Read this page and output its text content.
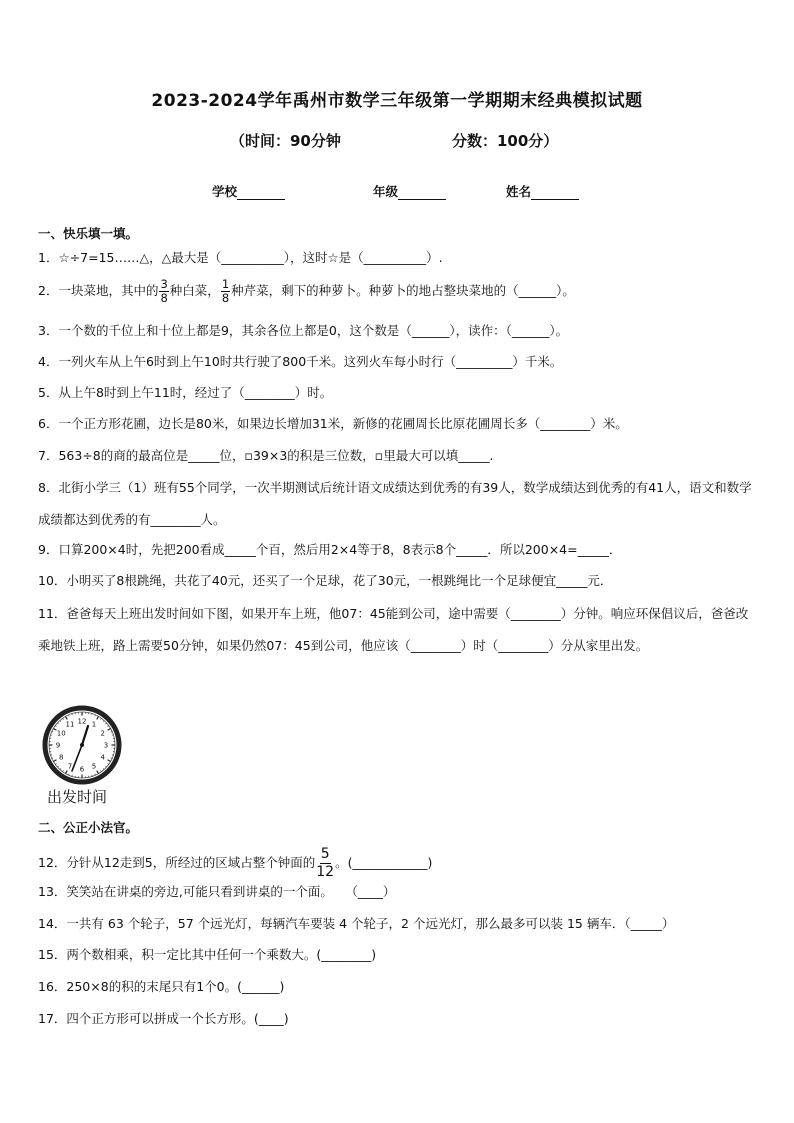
2023-2024学年禹州市数学三年级第一学期期末经典模拟试题
（时间：90分钟	分数：100分）
学校	年级	姓名
一、快乐填一填。
1．☆÷7=15……△，△最大是（__________），这时☆是（__________）.
2．一块菜地，其中的 $\frac{3}{8}$ 种白菜， $\frac{1}{8}$ 种芹菜，剩下的种萝卜。种萝卜的地占整块菜地的（______）。
3．一个数的千位上和十位上都是9，其余各位上都是0，这个数是（______），读作：（______）。
4．一列火车从上午6时到上午10时共行驶了800千米。这列火车每小时行（_________）千米。
5．从上午8时到上午11时，经过了（________）时。
6．一个正方形花圃，边长是80米，如果边长增加31米，新修的花圃周长比原花圃周长多（________）米。
7．563÷8的商的最高位是_____位，▫39×3的积是三位数，▫里最大可以填_____.
8．北街小学三（1）班有55个同学，一次半期测试后统计语文成绩达到优秀的有39人，数学成绩达到优秀的有41人，语文和数学成绩都达到优秀的有________人。
9．口算200×4时，先把200看成_____个百，然后用2×4等于8，8表示8个_____．所以200×4=_____．
10．小明买了8根跳绳，共花了40元，还买了一个足球，花了30元，一根跳绳比一个足球便宜_____元．
11．爸爸每天上班出发时间如下图，如果开车上班，他07：45能到公司，途中需要（________）分钟。响应环保倡议后，爸爸改乘地铁上班，路上需要50分钟，如果仍然07：45到公司，他应该（________）时（________）分从家里出发。
12 1
2
3
4
5
6
7
8
9
10
11
出发时间
二、公正小法官。
12．分针从12走到5，所经过的区域占整个钟面的 $\frac{5}{12}$ 。(____________)
13．笑笑站在讲桌的旁边,可能只看到讲桌的一个面。　　（____）
14．一共有 63 个轮子，57 个远光灯，每辆汽车要装 4 个轮子，2 个远光灯，那么最多可以装 15 辆车．（_____）
15．两个数相乘，积一定比其中任何一个乘数大。(________)
16．250×8的积的末尾只有1个0。(______)
17．四个正方形可以拼成一个长方形。(____)
